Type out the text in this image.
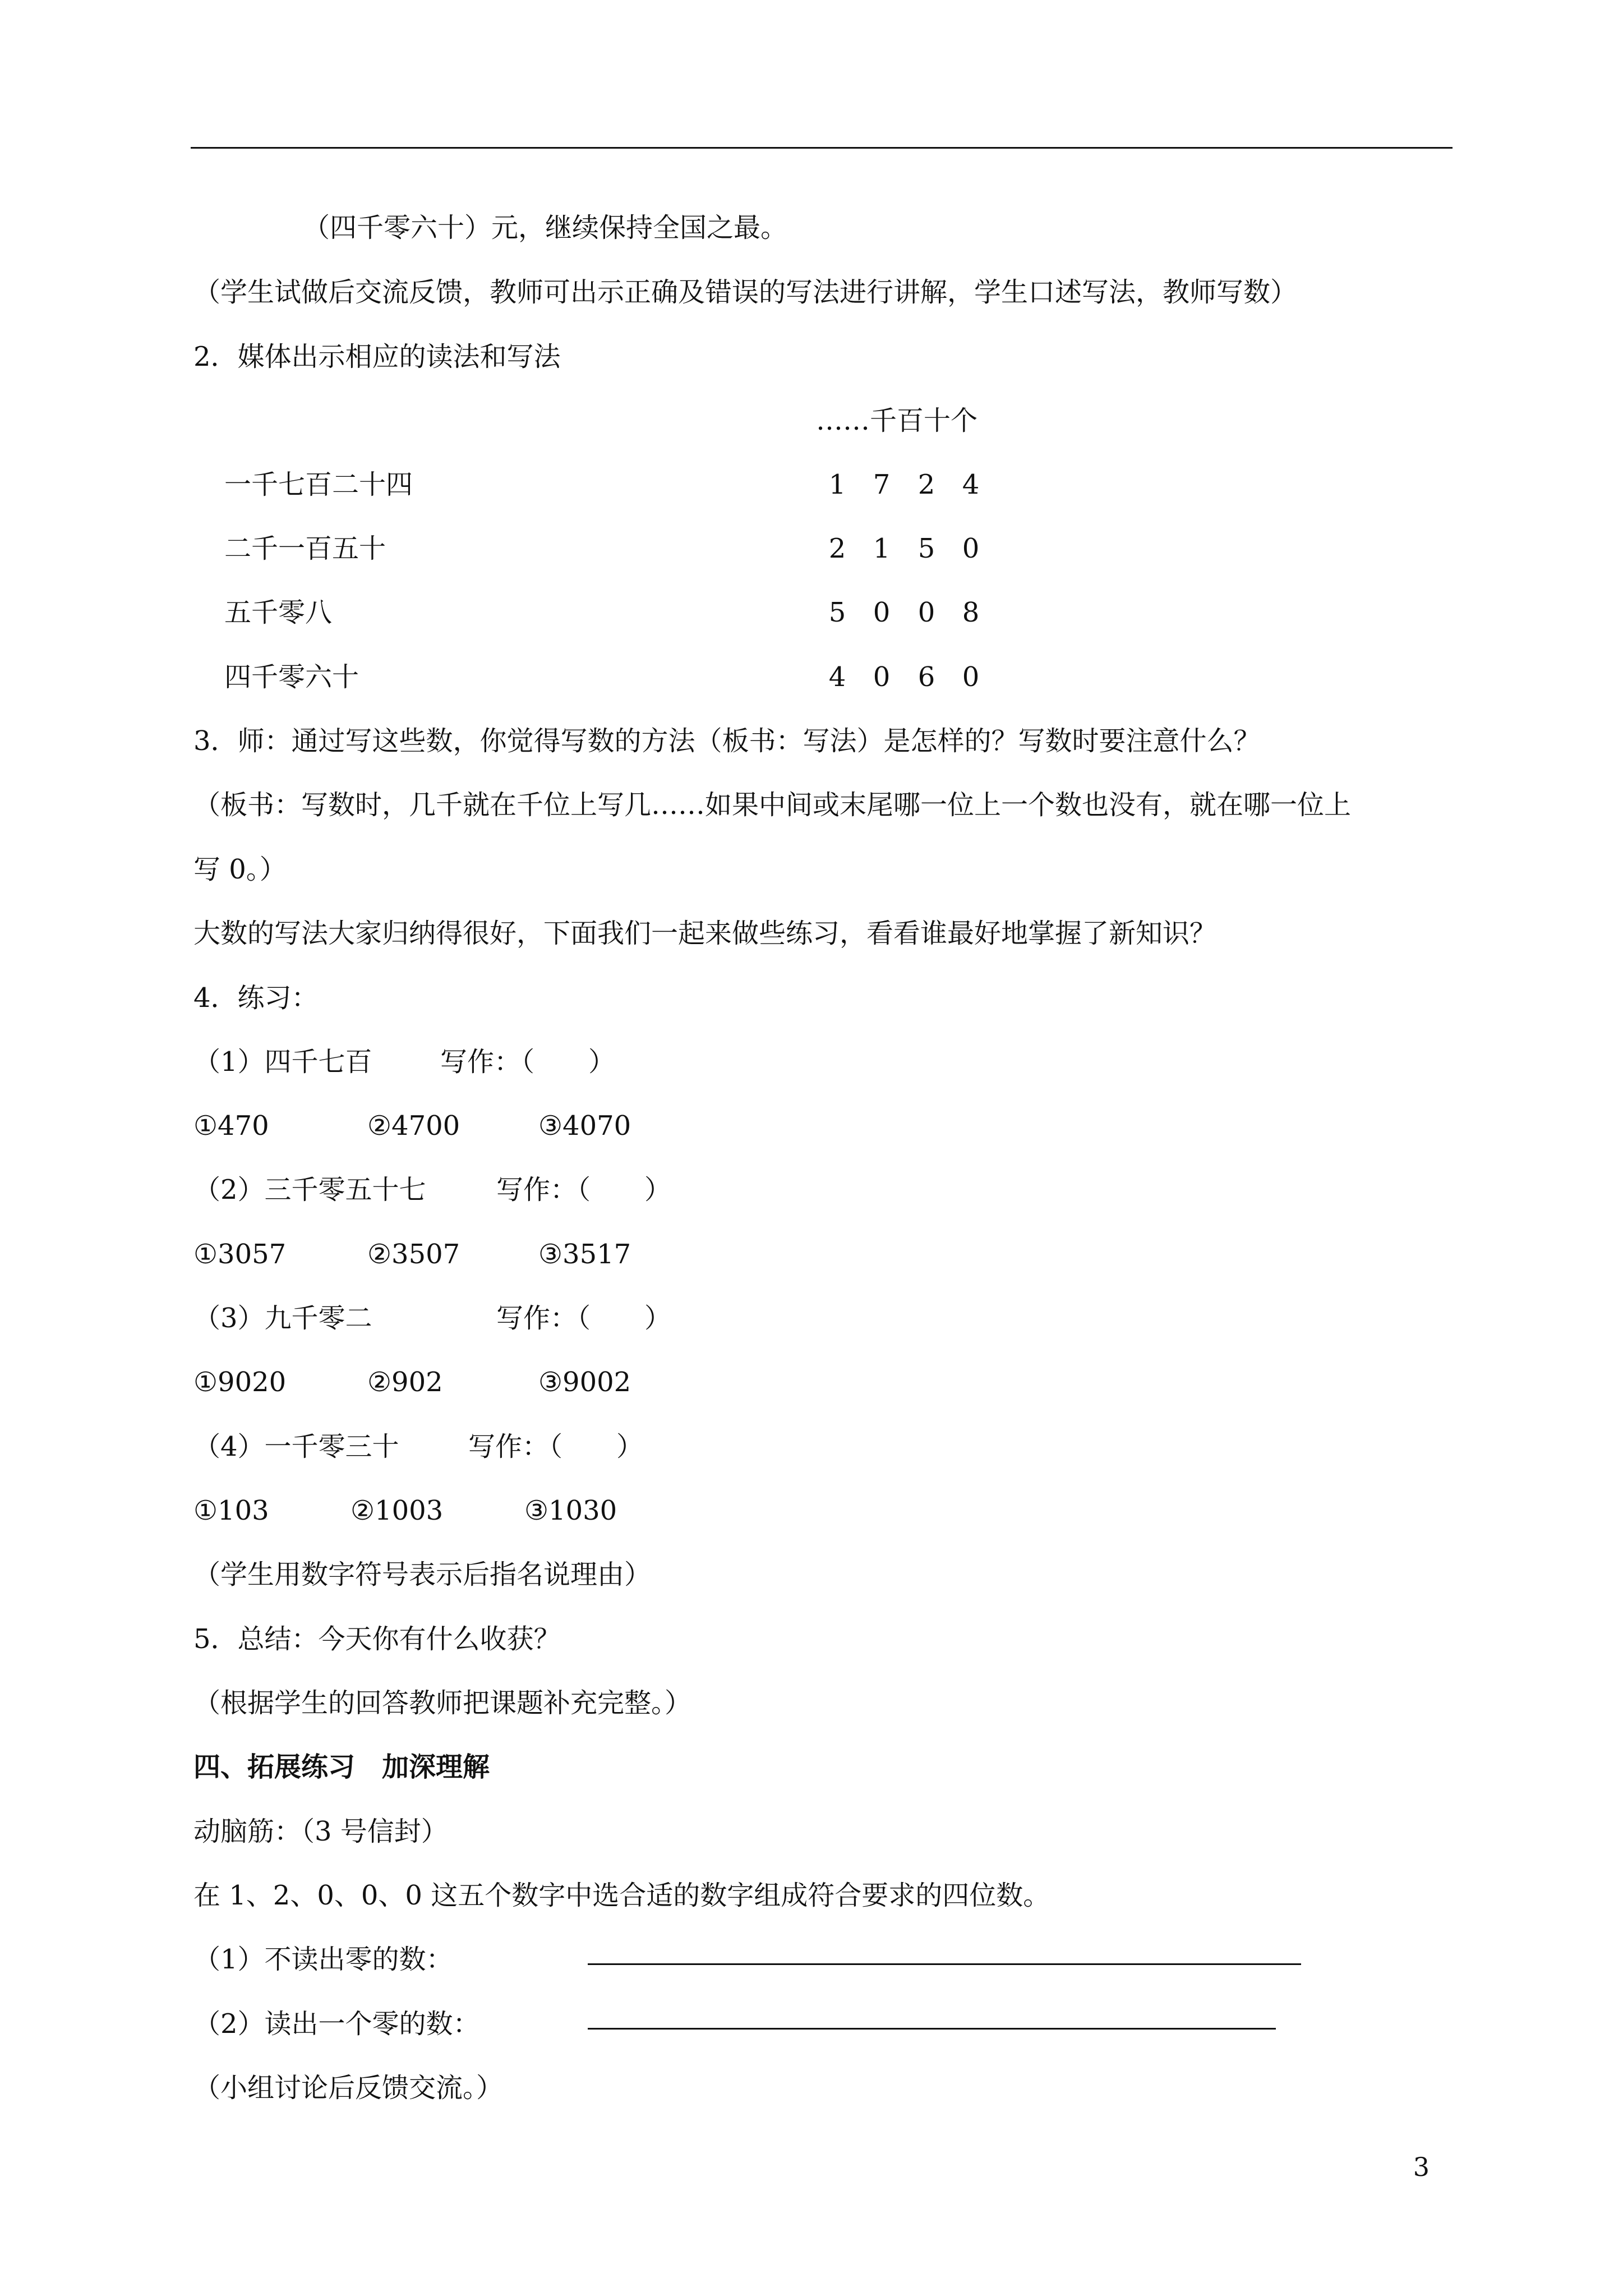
（四千零六十）元，继续保持全国之最。
（学生试做后交流反馈，教师可出示正确及错误的写法进行讲解，学生口述写法，教师写数）
2．媒体出示相应的读法和写法
……千百十个
一千七百二十四	1 7 2 4
二千一百五十	2 1 5 0
五千零八	5 0 0 8
四千零六十	4 0 6 0
3．师：通过写这些数，你觉得写数的方法（板书：写法）是怎样的？写数时要注意什么？
（板书：写数时，几千就在千位上写几……如果中间或末尾哪一位上一个数也没有，就在哪一位上
写 0。）
大数的写法大家归纳得很好，下面我们一起来做些练习，看看谁最好地掌握了新知识？
4．练习：
（1）四千七百	写作：（　　）
①470	②4700	③4070
（2）三千零五十七	写作：（　　）
①3057	②3507	③3517
（3）九千零二	写作：（　　）
①9020	②902	③9002
（4）一千零三十	写作：（　　）
①103	②1003	③1030
（学生用数字符号表示后指名说理由）
5．总结：今天你有什么收获？
（根据学生的回答教师把课题补充完整。）
四、拓展练习　加深理解
动脑筋：（3 号信封）
在 1、2、0、0、0 这五个数字中选合适的数字组成符合要求的四位数。
（1）不读出零的数：
（2）读出一个零的数：
（小组讨论后反馈交流。）
3
